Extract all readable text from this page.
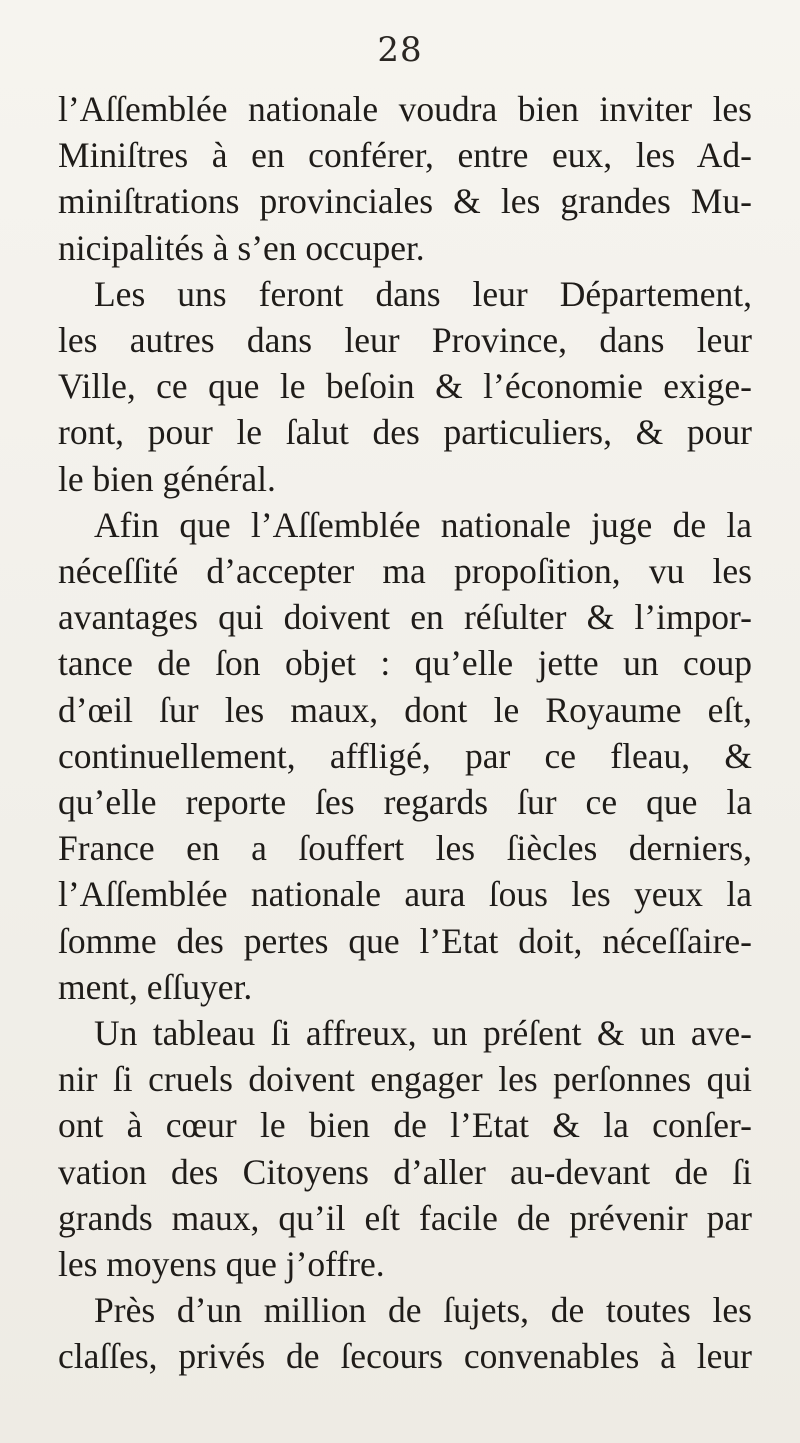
28
l’Aſſemblée nationale voudra bien inviter les
Miniſtres à en conférer, entre eux, les Ad-
miniſtrations provinciales & les grandes Mu-
nicipalités à s’en occuper.
Les uns feront dans leur Département,
les autres dans leur Province, dans leur
Ville, ce que le beſoin & l’économie exige-
ront, pour le ſalut des particuliers, & pour
le bien général.
Afin que l’Aſſemblée nationale juge de la
néceſſité d’accepter ma propoſition, vu les
avantages qui doivent en réſulter & l’impor-
tance de ſon objet : qu’elle jette un coup
d’œil ſur les maux, dont le Royaume eſt,
continuellement, affligé, par ce fleau, &
qu’elle reporte ſes regards ſur ce que la
France en a ſouffert les ſiècles derniers,
l’Aſſemblée nationale aura ſous les yeux la
ſomme des pertes que l’Etat doit, néceſſaire-
ment, eſſuyer.
Un tableau ſi affreux, un préſent & un ave-
nir ſi cruels doivent engager les perſonnes qui
ont à cœur le bien de l’Etat & la conſer-
vation des Citoyens d’aller au-devant de ſi
grands maux, qu’il eſt facile de prévenir par
les moyens que j’offre.
Près d’un million de ſujets, de toutes les
claſſes, privés de ſecours convenables à leur
